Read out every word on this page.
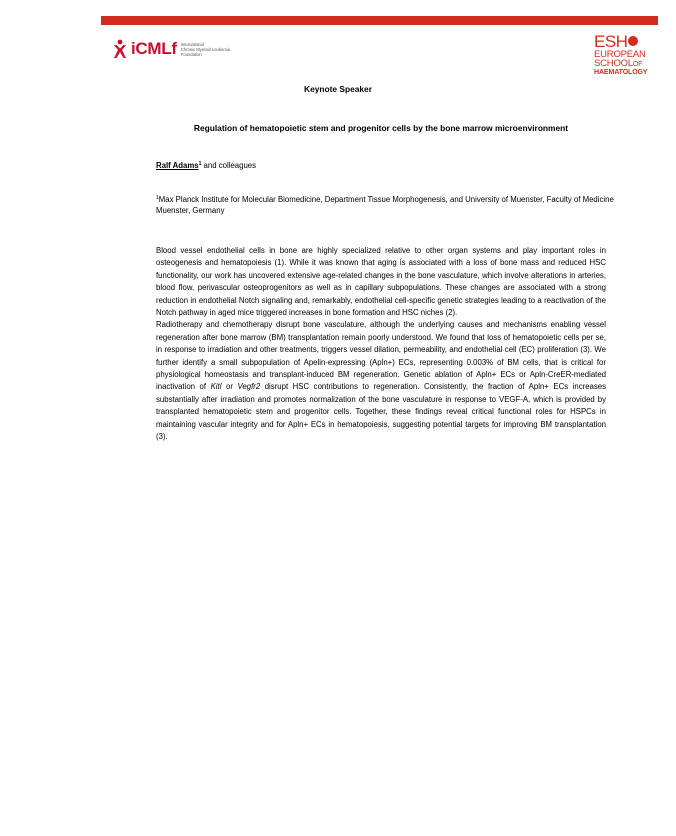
iCMLf International
Chronic Myeloid Leukemia
Foundation
ESH
EUROPEAN
SCHOOLOF
HAEMATOLOGY
Keynote Speaker
Regulation of hematopoietic stem and progenitor cells by the bone marrow microenvironment
Ralf Adams$^1$ and colleagues
$^1$Max Planck Institute for Molecular Biomedicine, Department Tissue Morphogenesis, and University of Muenster, Faculty of Medicine
Muenster, Germany

Blood vessel endothelial cells in bone are highly specialized relative to other organ systems and play important roles in osteogenesis and hematopoiesis (1). While it was known that aging is associated with a loss of bone mass and reduced HSC functionality, our work has uncovered extensive age-related changes in the bone vasculature, which involve alterations in arteries, blood flow, perivascular osteoprogenitors as well as in capillary subpopulations. These changes are associated with a strong reduction in endothelial Notch signaling and, remarkably, endothelial cell-specific genetic strategies leading to a reactivation of the Notch pathway in aged mice triggered increases in bone formation and HSC niches (2).

Radiotherapy and chemotherapy disrupt bone vasculature, although the underlying causes and mechanisms enabling vessel regeneration after bone marrow (BM) transplantation remain poorly understood. We found that loss of hematopoietic cells per se, in response to irradiation and other treatments, triggers vessel dilation, permeability, and endothelial cell (EC) proliferation (3). We further identify a small subpopulation of Apelin-expressing (Apln+) ECs, representing 0.003% of BM cells, that is critical for physiological homeostasis and transplant-induced BM regeneration. Genetic ablation of Apln+ ECs or Apln-CreER-mediated inactivation of Kitl or Vegfr2 disrupt HSC contributions to regeneration. Consistently, the fraction of Apln+ ECs increases substantially after irradiation and promotes normalization of the bone vasculature in response to VEGF-A, which is provided by transplanted hematopoietic stem and progenitor cells. Together, these findings reveal critical functional roles for HSPCs in maintaining vascular integrity and for Apln+ ECs in hematopoiesis, suggesting potential targets for improving BM transplantation (3).
